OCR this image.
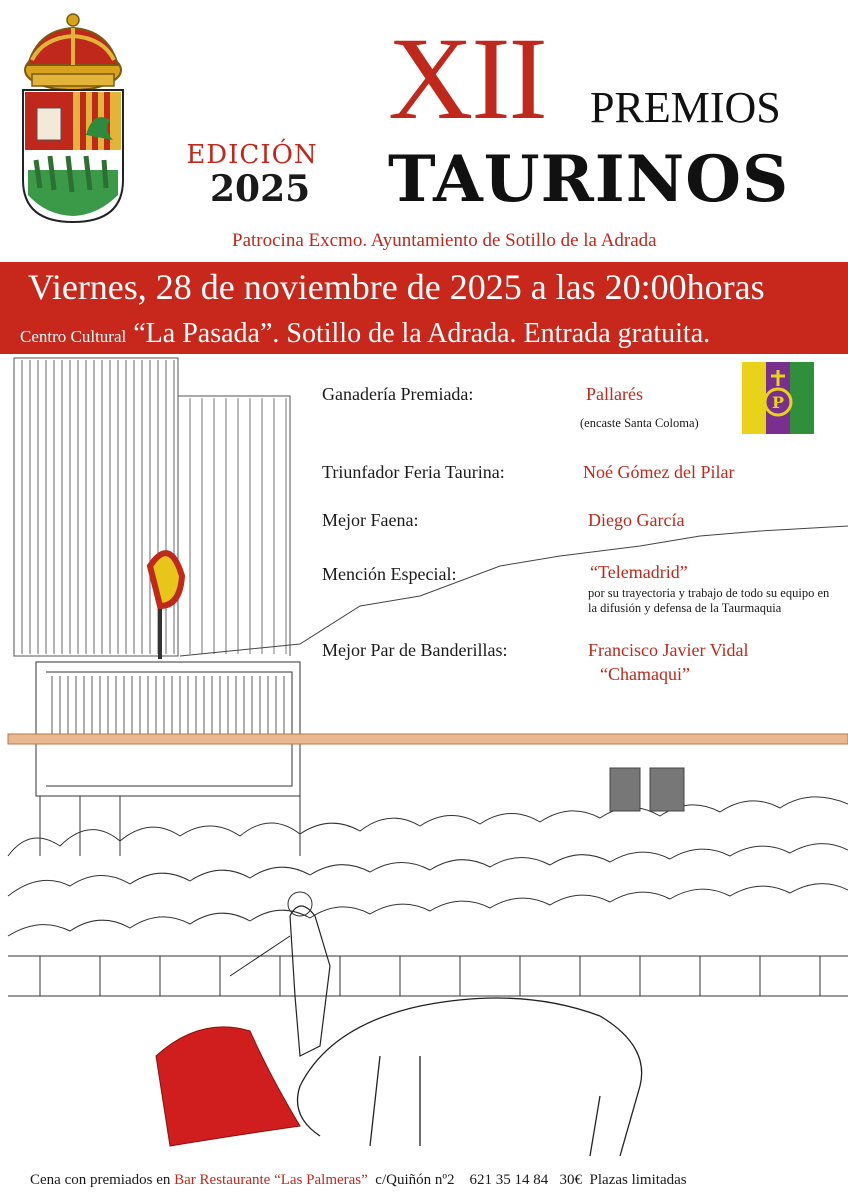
EDICIÓN
2025
XII PREMIOS
TAURINOS
Patrocina Excmo. Ayuntamiento de Sotillo de la Adrada
Viernes, 28 de noviembre de 2025 a las 20:00horas
Centro Cultural “La Pasada”. Sotillo de la Adrada. Entrada gratuita.
Ganadería Premiada:	Pallarés
(encaste Santa Coloma)
Triunfador Feria Taurina:	Noé Gómez del Pilar
Mejor Faena:	Diego García
Mención Especial:	“Telemadrid”
por su trayectoria y trabajo de todo su equipo en la difusión y defensa de la Taurmaquia
Mejor Par de Banderillas:	Francisco Javier Vidal
“Chamaqui”
P
Cena con premiados en Bar Restaurante “Las Palmeras” c/Quiñón nº2 621 35 14 84 30€ Plazas limitadas
